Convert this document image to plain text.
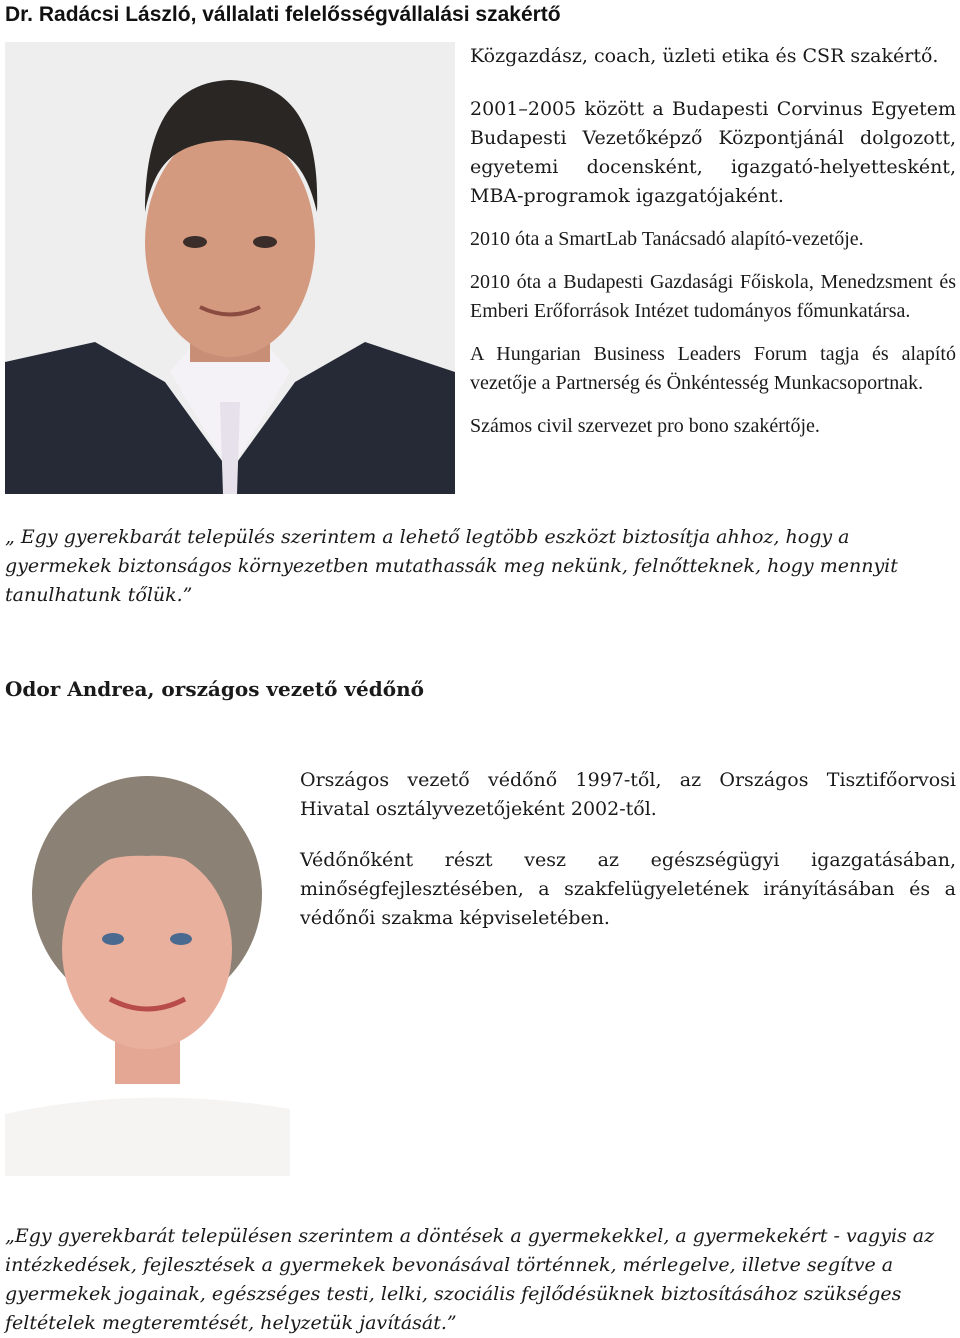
Dr. Radácsi László, vállalati felelősségvállalási szakértő

Közgazdász, coach, üzleti etika és CSR szakértő.

2001–2005 között a Budapesti Corvinus Egyetem Budapesti Vezetőképző Központjánál dolgozott, egyetemi docensként, igazgató-helyettesként, MBA-programok igazgatójaként.

2010 óta a SmartLab Tanácsadó alapító-vezetője.

2010 óta a Budapesti Gazdasági Főiskola, Menedzsment és Emberi Erőforrások Intézet tudományos főmunkatársa.

A Hungarian Business Leaders Forum tagja és alapító vezetője a Partnerség és Önkéntesség Munkacsoportnak.

Számos civil szervezet pro bono szakértője.

„ Egy gyerekbarát település szerintem a lehető legtöbb eszközt biztosítja ahhoz, hogy a gyermekek biztonságos környezetben mutathassák meg nekünk, felnőtteknek, hogy mennyit tanulhatunk tőlük.”
Odor Andrea, országos vezető védőnő

Országos vezető védőnő 1997-től, az Országos Tisztifőorvosi Hivatal osztályvezetőjeként 2002-től.

Védőnőként részt vesz az egészségügyi igazgatásában, minőségfejlesztésében, a szakfelügyeletének irányításában és a védőnői szakma képviseletében.

„Egy gyerekbarát településen szerintem a döntések a gyermekekkel, a gyermekekért - vagyis az intézkedések, fejlesztések a gyermekek bevonásával történnek, mérlegelve, illetve segítve a gyermekek jogainak, egészséges testi, lelki, szociális fejlődésüknek biztosításához szükséges feltételek megteremtését, helyzetük javítását.”
